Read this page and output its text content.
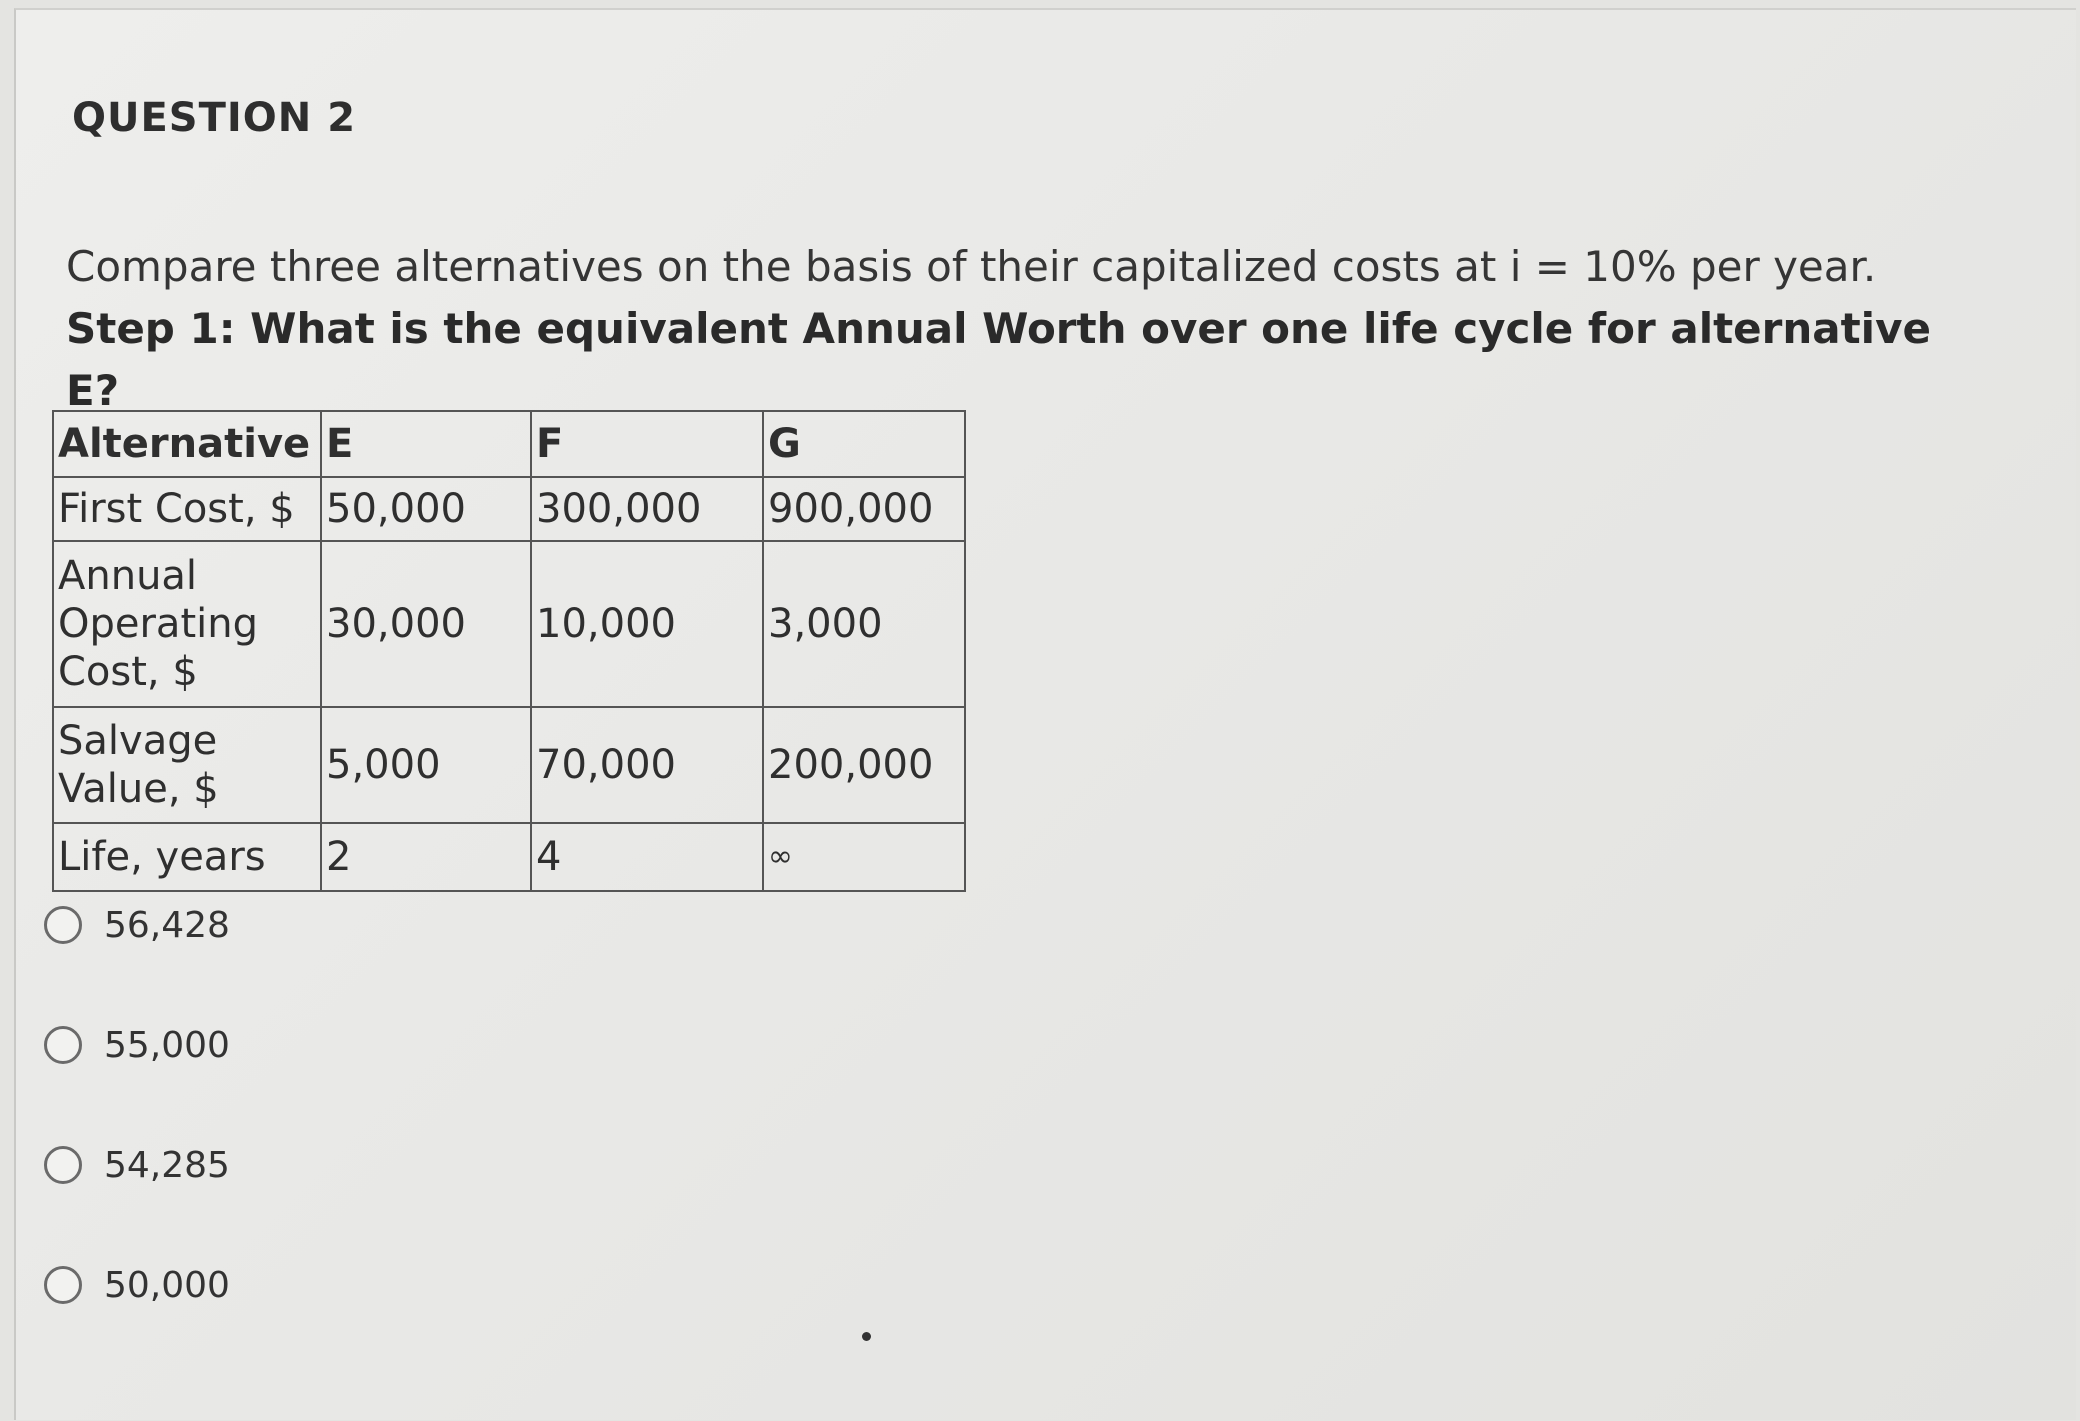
QUESTION 2

Compare three alternatives on the basis of their capitalized costs at i = 10% per year. Step 1: What is the equivalent Annual Worth over one life cycle for alternative E?

Alternative	E	F	G
First Cost, $	50,000	300,000	900,000
Annual Operating Cost, $	30,000	10,000	3,000
Salvage Value, $	5,000	70,000	200,000
Life, years	2	4	∞
56,428
55,000
54,285
50,000
